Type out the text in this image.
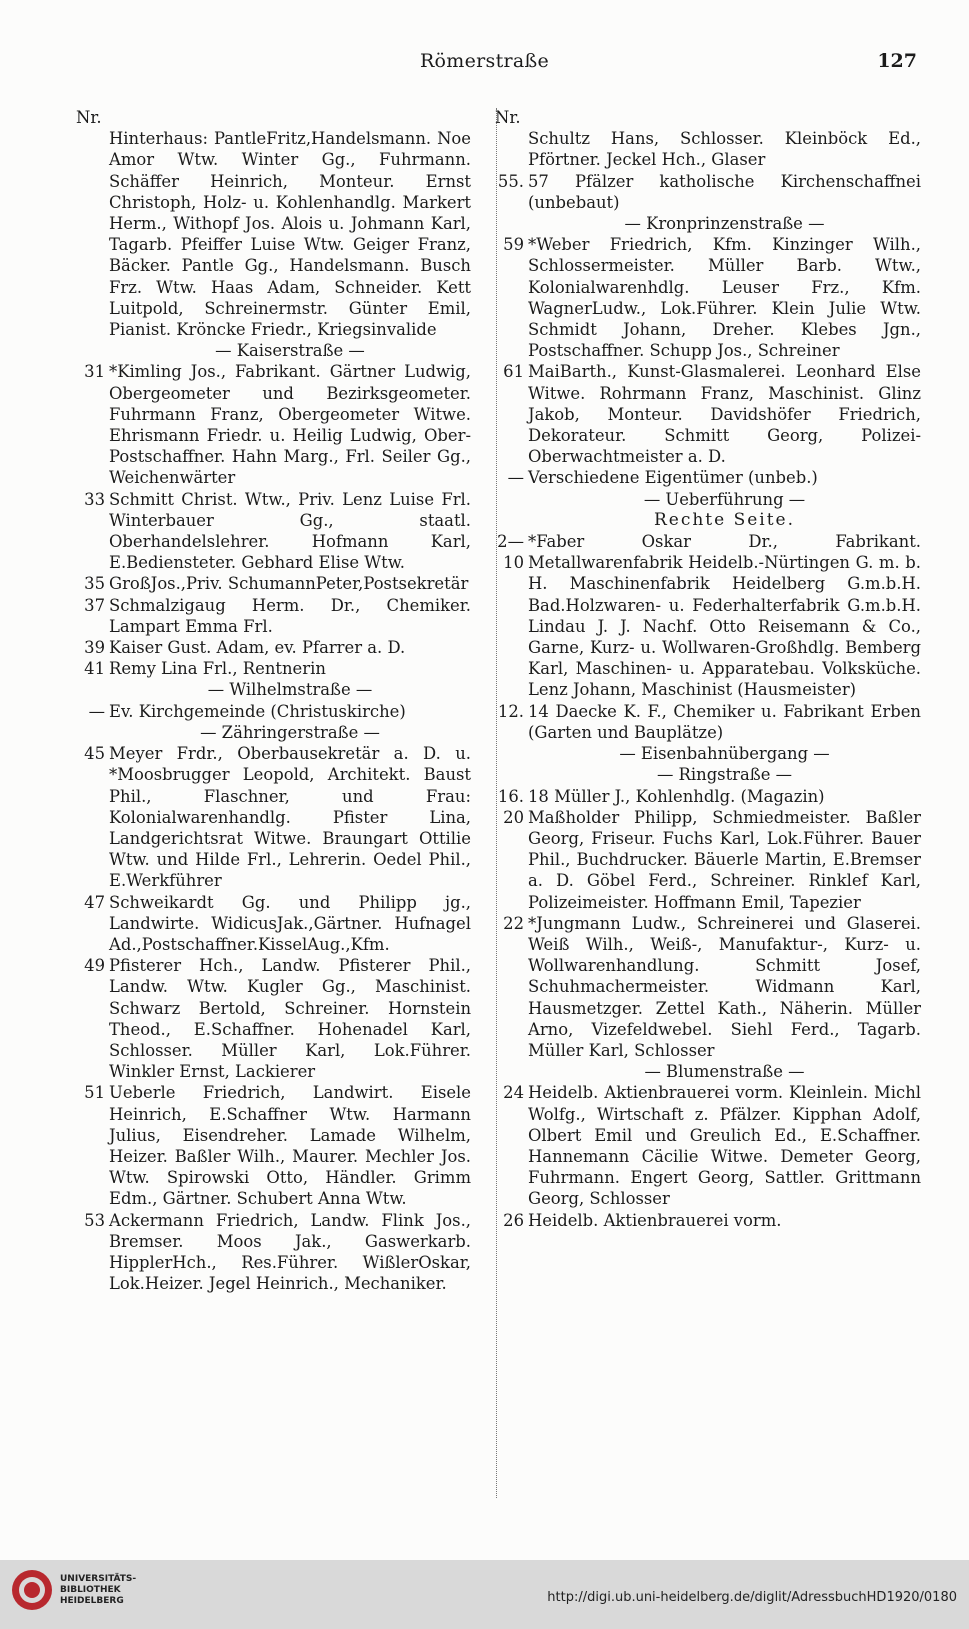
Römerstraße	127
Nr.
Hinterhaus: PantleFritz,Handelsmann. Noe Amor Wtw. Winter Gg., Fuhrmann. Schäffer Heinrich, Monteur. Ernst Christoph, Holz- u. Kohlenhandlg. Markert Herm., Withopf Jos. Alois u. Johmann Karl, Tagarb. Pfeiffer Luise Wtw. Geiger Franz, Bäcker. Pantle Gg., Handelsmann. Busch Frz. Wtw. Haas Adam, Schneider. Kett Luitpold, Schreinermstr. Günter Emil, Pianist. Kröncke Friedr., Kriegsinvalide
— Kaiserstraße —
31 *Kimling Jos., Fabrikant. Gärtner Ludwig, Obergeometer und Bezirksgeometer. Fuhrmann Franz, Obergeometer Witwe. Ehrismann Friedr. u. Heilig Ludwig, Ober-Postschaffner. Hahn Marg., Frl. Seiler Gg., Weichenwärter
33 Schmitt Christ. Wtw., Priv. Lenz Luise Frl. Winterbauer Gg., staatl. Oberhandelslehrer. Hofmann Karl, E.Bediensteter. Gebhard Elise Wtw.
35 GroßJos.,Priv. SchumannPeter,Postsekretär
37 Schmalzigaug Herm. Dr., Chemiker. Lampart Emma Frl.
39 Kaiser Gust. Adam, ev. Pfarrer a. D.
41 Remy Lina Frl., Rentnerin
— Wilhelmstraße —
— Ev. Kirchgemeinde (Christuskirche)
— Zähringerstraße —
45 Meyer Frdr., Oberbausekretär a. D. u. *Moosbrugger Leopold, Architekt. Baust Phil., Flaschner, und Frau: Kolonialwarenhandlg. Pfister Lina, Landgerichtsrat Witwe. Braungart Ottilie Wtw. und Hilde Frl., Lehrerin. Oedel Phil., E.Werkführer
47 Schweikardt Gg. und Philipp jg., Landwirte. WidicusJak.,Gärtner. Hufnagel Ad.,Postschaffner.KisselAug.,Kfm.
49 Pfisterer Hch., Landw. Pfisterer Phil., Landw. Wtw. Kugler Gg., Maschinist. Schwarz Bertold, Schreiner. Hornstein Theod., E.Schaffner. Hohenadel Karl, Schlosser. Müller Karl, Lok.Führer. Winkler Ernst, Lackierer
51 Ueberle Friedrich, Landwirt. Eisele Heinrich, E.Schaffner Wtw. Harmann Julius, Eisendreher. Lamade Wilhelm, Heizer. Baßler Wilh., Maurer. Mechler Jos. Wtw. Spirowski Otto, Händler. Grimm Edm., Gärtner. Schubert Anna Wtw.
53 Ackermann Friedrich, Landw. Flink Jos., Bremser. Moos Jak., Gaswerkarb. HipplerHch., Res.Führer. WißlerOskar, Lok.Heizer. Jegel Heinrich., Mechaniker.
Nr.
Schultz Hans, Schlosser. Kleinböck Ed., Pförtner. Jeckel Hch., Glaser
55. 57 Pfälzer katholische Kirchenschaffnei (unbebaut)
— Kronprinzenstraße —
59 *Weber Friedrich, Kfm. Kinzinger Wilh., Schlossermeister. Müller Barb. Wtw., Kolonialwarenhdlg. Leuser Frz., Kfm. WagnerLudw., Lok.Führer. Klein Julie Wtw. Schmidt Johann, Dreher. Klebes Jgn., Postschaffner. Schupp Jos., Schreiner
61 MaiBarth., Kunst-Glasmalerei. Leonhard Else Witwe. Rohrmann Franz, Maschinist. Glinz Jakob, Monteur. Davidshöfer Friedrich, Dekorateur. Schmitt Georg, Polizei-Oberwachtmeister a. D.
— Verschiedene Eigentümer (unbeb.)
— Ueberführung —
Rechte Seite.
2—10
*Faber Oskar Dr., Fabrikant. Metallwarenfabrik Heidelb.-Nürtingen G. m. b. H. Maschinenfabrik Heidelberg G.m.b.H. Bad.Holzwaren- u. Federhalterfabrik G.m.b.H. Lindau J. J. Nachf. Otto Reisemann & Co., Garne, Kurz- u. Wollwaren-Großhdlg. Bemberg Karl, Maschinen- u. Apparatebau. Volksküche. Lenz Johann, Maschinist (Hausmeister)
12. 14 Daecke K. F., Chemiker u. Fabrikant Erben (Garten und Bauplätze)
— Eisenbahnübergang —
— Ringstraße —
16. 18 Müller J., Kohlenhdlg. (Magazin)
20 Maßholder Philipp, Schmiedmeister. Baßler Georg, Friseur. Fuchs Karl, Lok.Führer. Bauer Phil., Buchdrucker. Bäuerle Martin, E.Bremser a. D. Göbel Ferd., Schreiner. Rinklef Karl, Polizeimeister. Hoffmann Emil, Tapezier
22 *Jungmann Ludw., Schreinerei und Glaserei. Weiß Wilh., Weiß-, Manufaktur-, Kurz- u. Wollwarenhandlung. Schmitt Josef, Schuhmachermeister. Widmann Karl, Hausmetzger. Zettel Kath., Näherin. Müller Arno, Vizefeldwebel. Siehl Ferd., Tagarb. Müller Karl, Schlosser
— Blumenstraße —
24 Heidelb. Aktienbrauerei vorm. Kleinlein. Michl Wolfg., Wirtschaft z. Pfälzer. Kipphan Adolf, Olbert Emil und Greulich Ed., E.Schaffner. Hannemann Cäcilie Witwe. Demeter Georg, Fuhrmann. Engert Georg, Sattler. Grittmann Georg, Schlosser
26 Heidelb. Aktienbrauerei vorm.
UNIVERSITÄTS-
BIBLIOTHEK
HEIDELBERG	http://digi.ub.uni-heidelberg.de/diglit/AdressbuchHD1920/0180
